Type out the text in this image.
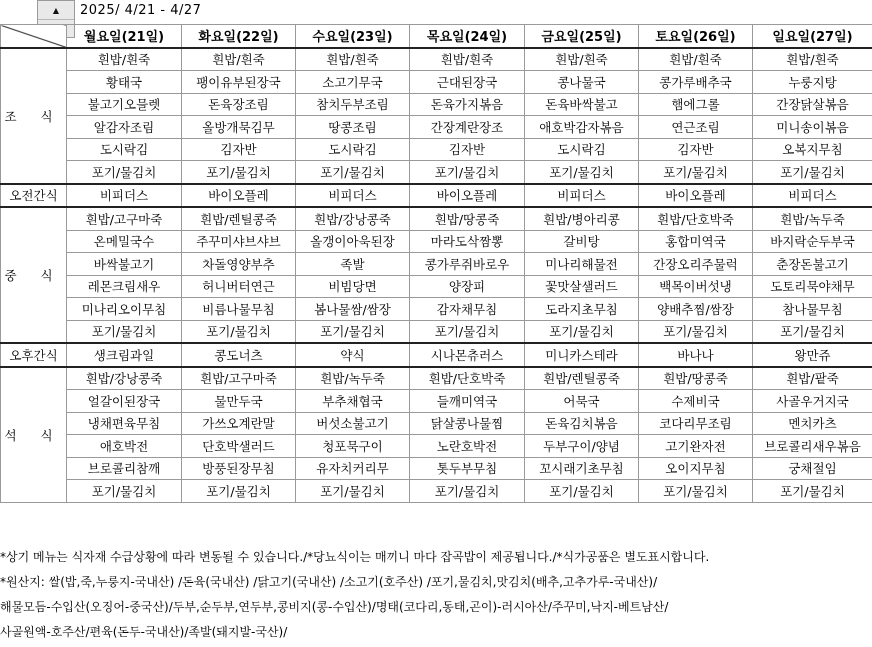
▲	2025/ 4/21 - 4/27
	월요일(21일)	화요일(22일)	수요일(23일)	목요일(24일)	금요일(25일)	토요일(26일)	일요일(27일)
조 식	흰밥/흰죽	흰밥/흰죽	흰밥/흰죽	흰밥/흰죽	흰밥/흰죽	흰밥/흰죽	흰밥/흰죽
	황태국	팽이유부된장국	소고기무국	근대된장국	콩나물국	콩가루배추국	누룽지탕
	불고기오믈렛	돈육장조림	참치두부조림	돈육가지볶음	돈육바싹불고	햄에그롤	간장닭살볶음
	알감자조림	올방개묵김무	땅콩조림	간장계란장조	애호박감자볶음	연근조림	미니송이볶음
	도시락김	김자반	도시락김	김자반	도시락김	김자반	오복지무침
	포기/물김치	포기/물김치	포기/물김치	포기/물김치	포기/물김치	포기/물김치	포기/물김치
오전간식	비피더스	바이오플레	비피더스	바이오플레	비피더스	바이오플레	비피더스
중 식	흰밥/고구마죽	흰밥/렌틸콩죽	흰밥/강낭콩죽	흰밥/땅콩죽	흰밥/병아리콩	흰밥/단호박죽	흰밥/녹두죽
	온메밀국수	주꾸미샤브샤브	올갱이아욱된장	마라도삭짬뽕	갈비탕	홍합미역국	바지락순두부국
	바싹불고기	차돌영양부추	족발	콩가루쥐바로우	미나리해물전	간장오리주물럭	춘장돈불고기
	레몬크림새우	허니버터연근	비빔당면	양장피	꽃맛살샐러드	백목이버섯냉	도토리묵야채무
	미나리오이무침	비름나물무침	봄나물쌈/쌈장	감자채무침	도라지초무침	양배추찜/쌈장	참나물무침
	포기/물김치	포기/물김치	포기/물김치	포기/물김치	포기/물김치	포기/물김치	포기/물김치
오후간식	생크림과일	콩도너츠	약식	시나몬츄러스	미니카스테라	바나나	왕만쥬
석 식	흰밥/강낭콩죽	흰밥/고구마죽	흰밥/녹두죽	흰밥/단호박죽	흰밥/렌틸콩죽	흰밥/땅콩죽	흰밥/팥죽
	얼갈이된장국	물만두국	부추채협국	들깨미역국	어묵국	수제비국	사골우거지국
	냉채편육무침	가쓰오계란말	버섯소불고기	닭살콩나물찜	돈육김치볶음	코다리무조림	멘치카츠
	애호박전	단호박샐러드	청포묵구이	노란호박전	두부구이/양념	고기완자전	브로콜리새우볶음
	브로콜리참깨	방풍된장무침	유자치커리무	톳두부무침	꼬시래기초무침	오이지무침	궁채절임
	포기/물김치	포기/물김치	포기/물김치	포기/물김치	포기/물김치	포기/물김치	포기/물김치
*상기 메뉴는 식자재 수급상황에 따라 변동될 수 있습니다./*당뇨식이는 매끼니 마다 잡곡밥이 제공됩니다./*식가공품은 별도표시합니다.
*원산지: 쌀(밥,죽,누룽지-국내산) /돈육(국내산) /닭고기(국내산) /소고기(호주산) /포기,물김치,맛김치(배추,고추가루-국내산)/
해물모듬-수입산(오징어-중국산)/두부,순두부,연두부,콩비지(콩-수입산)/명태(코다리,동태,곤이)-러시아산/주꾸미,낙지-베트남산/
사골원액-호주산/편육(돈두-국내산)/족발(돼지발-국산)/
